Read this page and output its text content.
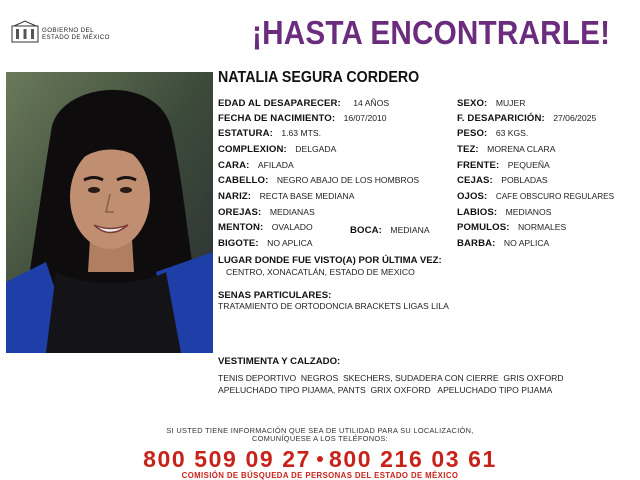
GOBIERNO DEL
ESTADO DE MÉXICO	¡HASTA ENCONTRARLE!
NATALIA SEGURA CORDERO
EDAD AL DESAPARECER: 14 AÑOS
FECHA DE NACIMIENTO: 16/07/2010
ESTATURA: 1.63 MTS.
COMPLEXION: DELGADA
CARA: AFILADA
CABELLO: NEGRO ABAJO DE LOS HOMBROS
NARIZ: RECTA BASE MEDIANA
OREJAS: MEDIANAS
MENTON: OVALADO	BOCA: MEDIANA
BIGOTE: NO APLICA
SEXO: MUJER
F. DESAPARICIÓN: 27/06/2025
PESO: 63 KGS.
TEZ: MORENA CLARA
FRENTE: PEQUEÑA
CEJAS: POBLADAS
OJOS: CAFE OBSCURO REGULARES
LABIOS: MEDIANOS
POMULOS: NORMALES
BARBA: NO APLICA
LUGAR DONDE FUE VISTO(A) POR ÚLTIMA VEZ:
CENTRO, XONACATLÁN, ESTADO DE MEXICO
SENAS PARTICULARES:
TRATAMIENTO DE ORTODONCIA BRACKETS LIGAS LILA
VESTIMENTA Y CALZADO:
TENIS DEPORTIVO  NEGROS  SKECHERS, SUDADERA CON CIERRE  GRIS OXFORD
APELUCHADO TIPO PIJAMA, PANTS  GRIX OXFORD   APELUCHADO TIPO PIJAMA
SI USTED TIENE INFORMACIÓN QUE SEA DE UTILIDAD PARA SU LOCALIZACIÓN,
COMUNÍQUESE A LOS TELÉFONOS:
800 509 09 27 800 216 03 61
COMISIÓN DE BÚSQUEDA DE PERSONAS DEL ESTADO DE MÉXICO
